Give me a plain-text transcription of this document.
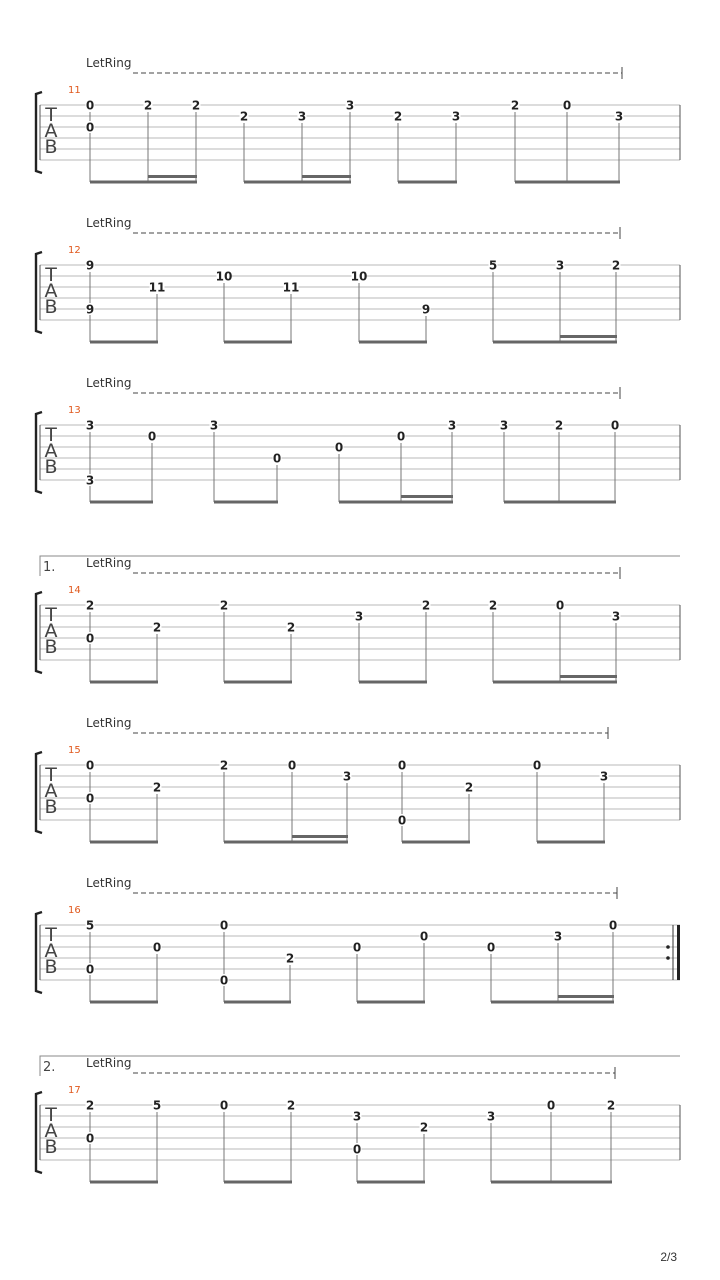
T
A
B
11
LetRing
0
0
2	2
2	3
3
2	3
2	0
3
T
A
B
12
LetRing
9
9
11
10
11
10
9
5	3	2
T
A
B
13
LetRing
3
3
0
3
0
0
0
3	3	2	0
T
A
B
14
LetRing
1.
2
0
2
2
2
3
2	2	0
3
T
A
B
15
LetRing
0
0
2
2	0
3
0
0
2
0
3
T
A
B
16
LetRing
5
0
0
0
0
2
0
0
0
3
0
T
A
B
17
LetRing
2.
2
0
5	0	2
3
0
2
3
0	2
2/3
